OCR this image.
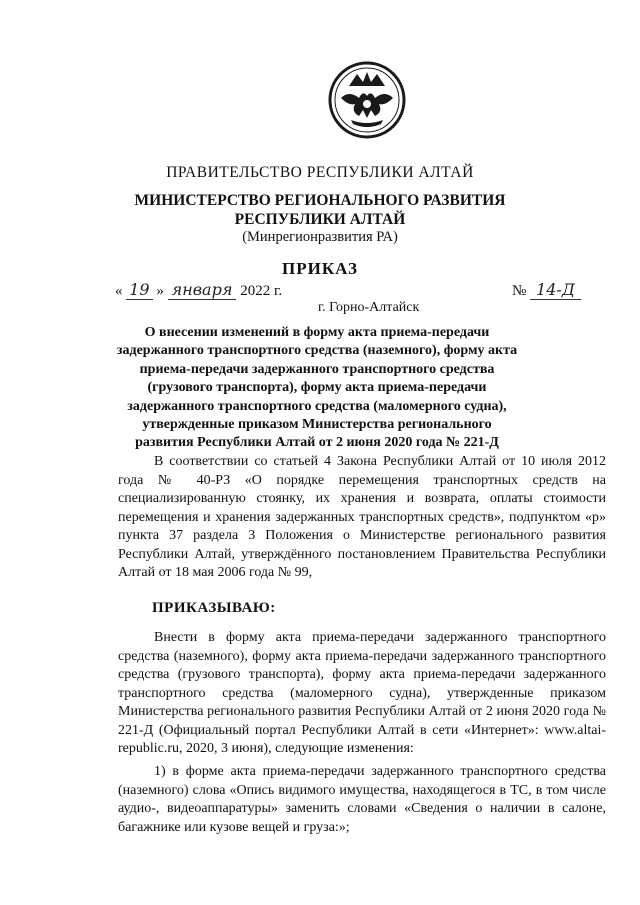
ПРАВИТЕЛЬСТВО РЕСПУБЛИКИ АЛТАЙ
МИНИСТЕРСТВО РЕГИОНАЛЬНОГО РАЗВИТИЯ
РЕСПУБЛИКИ АЛТАЙ
(Минрегионразвития РА)
ПРИКАЗ
« 19 » января 2022 г.	№ 14-Д
г. Горно-Алтайск
О внесении изменений в форму акта приема-передачи задержанного транспортного средства (наземного), форму акта приема-передачи задержанного транспортного средства (грузового транспорта), форму акта приема-передачи задержанного транспортного средства (маломерного судна), утвержденные приказом Министерства регионального развития Республики Алтай от 2 июня 2020 года № 221-Д

В соответствии со статьей 4 Закона Республики Алтай от 10 июля 2012 года № 40-РЗ «О порядке перемещения транспортных средств на специализированную стоянку, их хранения и возврата, оплаты стоимости перемещения и хранения задержанных транспортных средств», подпунктом «р» пункта 37 раздела 3 Положения о Министерстве регионального развития Республики Алтай, утверждённого постановлением Правительства Республики Алтай от 18 мая 2006 года № 99,

ПРИКАЗЫВАЮ:

Внести в форму акта приема-передачи задержанного транспортного средства (наземного), форму акта приема-передачи задержанного транспортного средства (грузового транспорта), форму акта приема-передачи задержанного транспортного средства (маломерного судна), утвержденные приказом Министерства регионального развития Республики Алтай от 2 июня 2020 года № 221-Д (Официальный портал Республики Алтай в сети «Интернет»: www.altai-republic.ru, 2020, 3 июня), следующие изменения:

1) в форме акта приема-передачи задержанного транспортного средства (наземного) слова «Опись видимого имущества, находящегося в ТС, в том числе аудио-, видеоаппаратуры» заменить словами «Сведения о наличии в салоне, багажнике или кузове вещей и груза:»;
